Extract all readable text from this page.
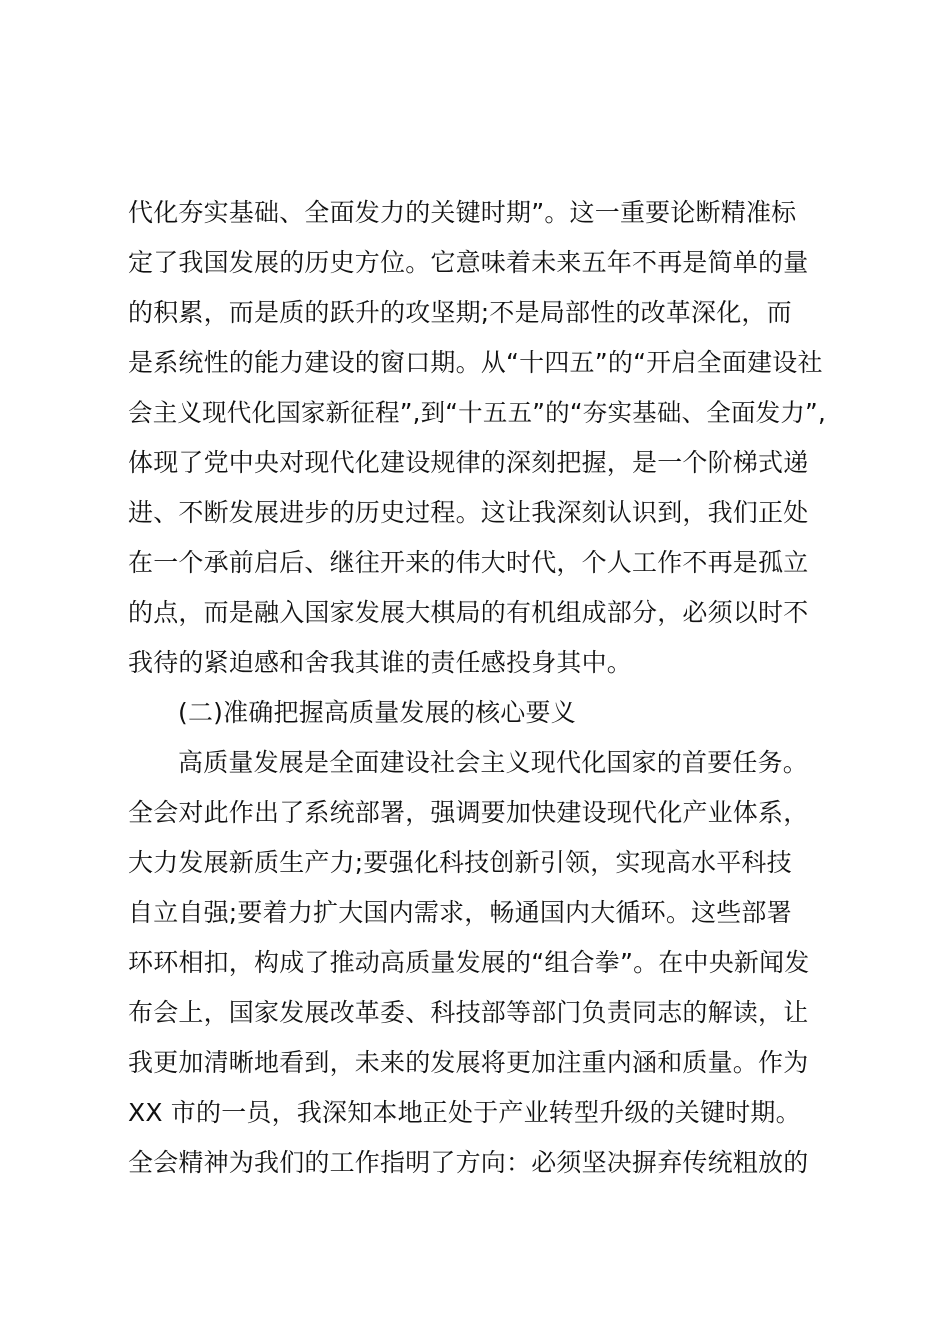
代化夯实基础、全面发力的关键时期”。这一重要论断精准标
定了我国发展的历史方位。它意味着未来五年不再是简单的量
的积累，而是质的跃升的攻坚期;不是局部性的改革深化，而
是系统性的能力建设的窗口期。从“十四五”的“开启全面建设社
会主义现代化国家新征程”,到“十五五”的“夯实基础、全面发力”,
体现了党中央对现代化建设规律的深刻把握，是一个阶梯式递
进、不断发展进步的历史过程。这让我深刻认识到，我们正处
在一个承前启后、继往开来的伟大时代，个人工作不再是孤立
的点，而是融入国家发展大棋局的有机组成部分，必须以时不
我待的紧迫感和舍我其谁的责任感投身其中。
(二)准确把握高质量发展的核心要义
高质量发展是全面建设社会主义现代化国家的首要任务。
全会对此作出了系统部署，强调要加快建设现代化产业体系，
大力发展新质生产力;要强化科技创新引领，实现高水平科技
自立自强;要着力扩大国内需求，畅通国内大循环。这些部署
环环相扣，构成了推动高质量发展的“组合拳”。在中央新闻发
布会上，国家发展改革委、科技部等部门负责同志的解读，让
我更加清晰地看到，未来的发展将更加注重内涵和质量。作为
XX 市的一员，我深知本地正处于产业转型升级的关键时期。
全会精神为我们的工作指明了方向：必须坚决摒弃传统粗放的
